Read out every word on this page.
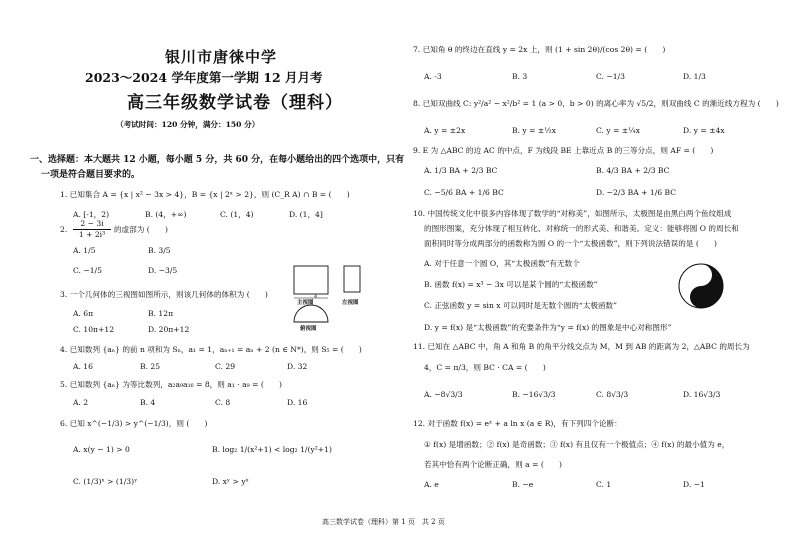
银川市唐徕中学
2023～2024 学年度第一学期 12 月月考
高三年级数学试卷（理科）
（考试时间：120 分钟，满分：150 分）
一、选择题：本大题共 12 小题，每小题 5 分，共 60 分，在每小题给出的四个选项中，只有
一项是符合题目要求的。
1. 已知集合 A = {x | x² − 3x > 4}，B = {x | 2ˣ > 2}，则 (C_R A) ∩ B = (　　)
A. [-1，2)	B. (4，+∞)	C. (1，4)	D. (1，4]
2 − 3i
1 + 2i³
2.	的虚部为 (　　)
A. 1/5	B. 3/5
C. −1/5	D. −3/5
4
主视图	左视图
俯视图
3. 一个几何体的三视图如图所示，则该几何体的体积为 (　　)
A. 6π	B. 12π
C. 10π+12	D. 20π+12
4. 已知数列 {aₙ} 的前 n 项和为 Sₙ，a₁ = 1，aₙ₊₁ = aₙ + 2 (n ∈ N*)，则 S₅ = (　　)
A. 16	B. 25	C. 29	D. 32
5. 已知数列 {aₙ} 为等比数列，a₂a₉a₁₆ = 8，则 a₁ · a₉ = (　　)
A. 2	B. 4	C. 8	D. 16
6. 已知 x^(−1/3) > y^(−1/3)，则 (　　)
A. x(y − 1) > 0	B. log₂ 1/(x²+1) < log₂ 1/(y²+1)
C. (1/3)ˣ > (1/3)ʸ	D. xʸ > yˣ
7. 已知角 θ 的终边在直线 y = 2x 上，则 (1 + sin 2θ)/(cos 2θ) = (　　)
A. -3	B. 3	C. −1/3	D. 1/3
8. 已知双曲线 C: y²/a² − x²/b² = 1 (a > 0，b > 0) 的离心率为 √5/2，则双曲线 C 的渐近线方程为 (　　)
A. y = ±2x	B. y = ±½x	C. y = ±¼x	D. y = ±4x
9. E 为 △ABC 的边 AC 的中点，F 为线段 BE 上靠近点 B 的三等分点，则 AF = (　　)
A. 1/3 BA + 2/3 BC	B. 4/3 BA + 2/3 BC
C. −5/6 BA + 1/6 BC	D. −2/3 BA + 1/6 BC
10. 中国传统文化中很多内容体现了数学的“对称美”，如图所示，太极图是由黑白两个鱼纹组成
的图形图案，充分体现了相互转化、对称统一的形式美、和谐美。定义：能够将圆 O 的周长和
面积同时等分成两部分的函数称为圆 O 的一个“太极函数”，则下列说法错误的是 (　　)
A. 对于任意一个圆 O，其“太极函数”有无数个
B. 函数 f(x) = x³ − 3x 可以是某个圆的“太极函数”
C. 正弦函数 y = sin x 可以同时是无数个圆的“太极函数”
D. y = f(x) 是“太极函数”的充要条件为“y = f(x) 的图象是中心对称图形”
11. 已知在 △ABC 中，角 A 和角 B 的角平分线交点为 M，M 到 AB 的距离为 2，△ABC 的周长为
4，C = π/3，则 BC · CA = (　　)
A. −8√3/3	B. −16√3/3	C. 8√3/3	D. 16√3/3
12. 对于函数 f(x) = eˣ + a ln x (a ∈ R)，有下列四个论断：
① f(x) 是增函数；② f(x) 是奇函数；③ f(x) 有且仅有一个极值点；④ f(x) 的最小值为 e，
若其中恰有两个论断正确，则 a = (　　)
A. e	B. −e	C. 1	D. −1
高三数学试卷（理科）第 1 页　共 2 页
